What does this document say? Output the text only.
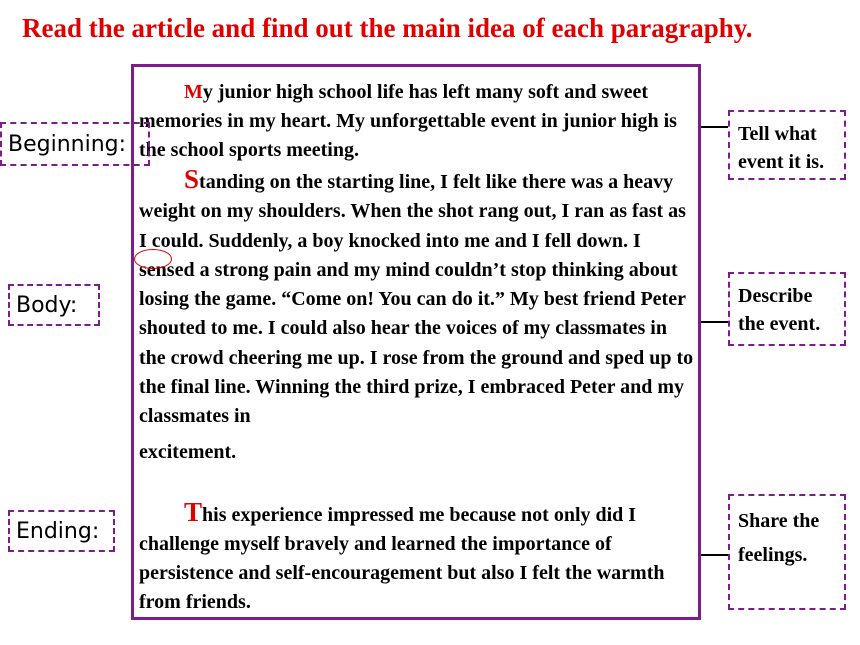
Read the article and find out the main idea of each paragraphy.

My junior high school life has left many soft and sweet memories in my heart. My unforgettable event in junior high is the school sports meeting.

Standing on the starting line, I felt like there was a heavy weight on my shoulders. When the shot rang out, I ran as fast as I could. Suddenly, a boy knocked into me and I fell down. I sensed a strong pain and my mind couldn’t stop thinking about losing the game. “Come on! You can do it.” My best friend Peter shouted to me. I could also hear the voices of my classmates in the crowd cheering me up. I rose from the ground and sped up to the final line. Winning the third prize, I embraced Peter and my classmates in
excitement.

This experience impressed me because not only did I challenge myself bravely and learned the importance of persistence and self-encouragement but also I felt the warmth from friends.

Beginning:
Body:
Ending:
Tell what event it is.
Describe the event.
Share the feelings.
